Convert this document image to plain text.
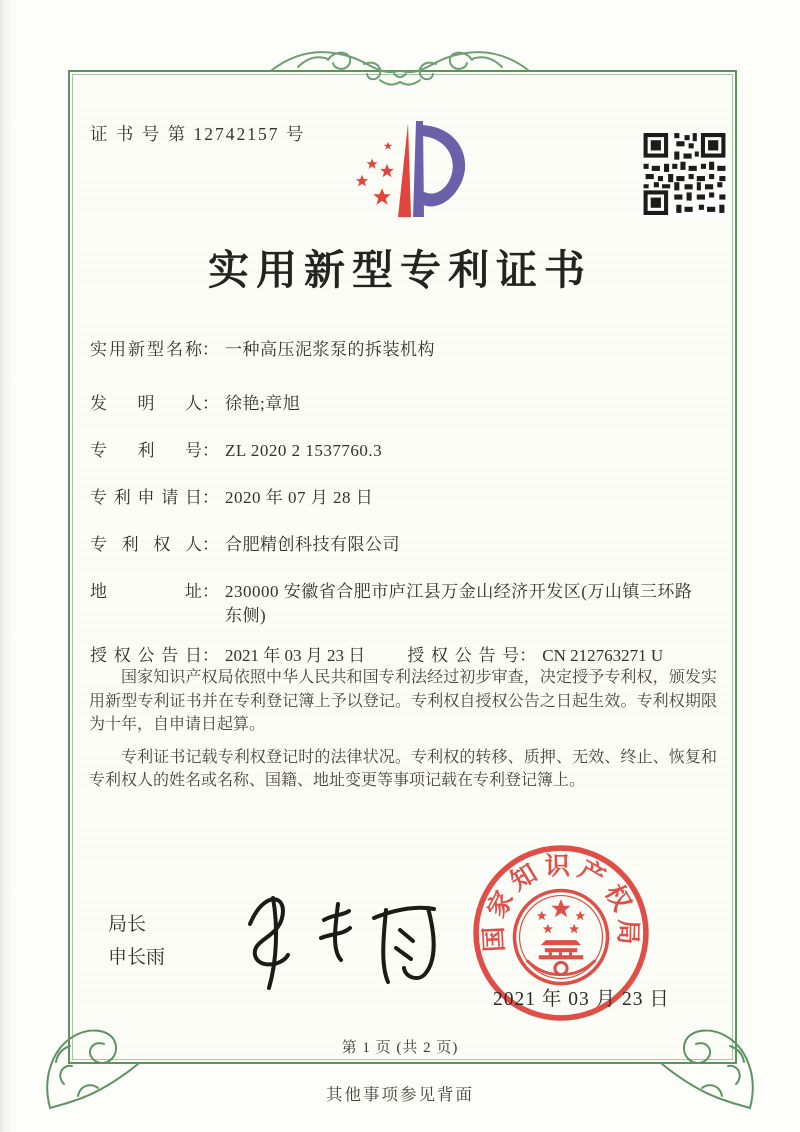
证 书 号 第 12742157 号
实用新型专利证书
实用新型名称 ： 一种高压泥浆泵的拆装机构
发明人 ： 徐艳;章旭
专利号 ： ZL 2020 2 1537760.3
专利申请日 ： 2020 年 07 月 28 日
专利权人 ： 合肥精创科技有限公司
地址 ： 230000 安徽省合肥市庐江县万金山经济开发区(万山镇三环路东侧)
授权公告日 ： 2021 年 03 月 23 日 授权公告号 ： CN 212763271 U

国家知识产权局依照中华人民共和国专利法经过初步审查，决定授予专利权，颁发实用新型专利证书并在专利登记簿上予以登记。专利权自授权公告之日起生效。专利权期限为十年，自申请日起算。

专利证书记载专利权登记时的法律状况。专利权的转移、质押、无效、终止、恢复和专利权人的姓名或名称、国籍、地址变更等事项记载在专利登记簿上。

局长
申长雨
国家知识产权局
2021 年 03 月 23 日
第 1 页 (共 2 页)
其他事项参见背面
